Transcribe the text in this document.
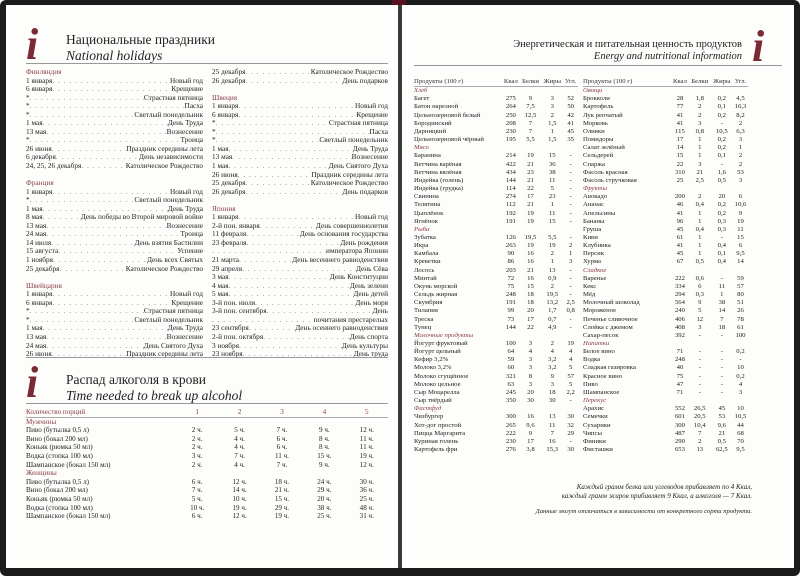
i Национальные праздники
National holidays
Финляндия
1 января . . .	Новый год
6 января . . .	Крещение
* . . .	Страстная пятница
* . . .	Пасха
* . . .	Светлый понедельник
1 мая . . .	День Труда
13 мая . . .	Вознесение
* . . .	Троица
26 июня . . .	Праздник середины лета
6 декабря . . .	День независимости
24, 25, 26 декабря . . .	Католическое Рождество
Франция
1 января . . .	Новый год
* . . .	Светлый понедельник
1 мая . . .	День Труда
8 мая . . .	День победы во Второй мировой войне
13 мая . . .	Вознесение
24 мая . . .	Троица
14 июля . . .	День взятия Бастилии
15 августа . . .	Успение
1 ноября . . .	День всех Святых
25 декабря . . .	Католическое Рождество
Швейцария
1 января . . .	Новый год
6 января . . .	Крещение
* . . .	Страстная пятница
* . . .	Светлый понедельник
1 мая . . .	День Труда
13 мая . . .	Вознесение
24 мая . . .	День Святого Духа
26 июня . . .	Праздник середины лета
25 декабря . . .	Католическое Рождество
26 декабря . . .	День подарков
Швеция
1 января . . .	Новый год
6 января . . .	Крещение
* . . .	Страстная пятница
* . . .	Пасха
* . . .	Светлый понедельник
1 мая . . .	День Труда
13 мая . . .	Вознесение
1 мая . . .	День Святого Духа
26 июня . . .	Праздник середины лета
25 декабря . . .	Католическое Рождество
26 декабря . . .	День подарков
Япония
1 января . . .	Новый год
2-й пон. января . . .	День совершеннолетия
11 февраля . . .	День основания государства
23 февраля . . .	День рождения
. . .
императора Японии
21 марта . . .	День весеннего равноденствия
29 апреля . . .	День Сёва
3 мая . . .	День Конституции
4 мая . . .	День зелени
5 мая . . .	День детей
3-й пон. июля . . .	День моря
3-й пон. сентября . . .	День
. . .
почитания престарелых
23 сентября . . .	День осеннего равноденствия
2-й пон. октября . . .	День спорта
3 ноября . . .	День культуры
23 ноября . . .	День труда
i Распад алкоголя в крови
Time needed to break up alcohol
Количество порций	1	2	3	4	5
Мужчины					
Пиво (бутылка 0,5 л)	2 ч.	5 ч.	7 ч.	9 ч.	12 ч.
Вино (бокал 200 мл)	2 ч.	4 ч.	6 ч.	8 ч.	11 ч.
Коньяк (рюмка 50 мл)	2 ч.	4 ч.	6 ч.	8 ч.	11 ч.
Водка (стопка 100 мл)	3 ч.	7 ч.	11 ч.	15 ч.	19 ч.
Шампанское (бокал 150 мл)	2 ч.	4 ч.	7 ч.	9 ч.	12 ч.
Женщины					
Пиво (бутылка 0,5 л)	6 ч.	12 ч.	18 ч.	24 ч.	30 ч.
Вино (бокал 200 мл)	7 ч.	14 ч.	21 ч.	29 ч.	36 ч.
Коньяк (рюмка 50 мл)	5 ч.	10 ч.	15 ч.	20 ч.	25 ч.
Водка (стопка 100 мл)	10 ч.	19 ч.	29 ч.	38 ч.	48 ч.
Шампанское (бокал 150 мл)	6 ч.	12 ч.	19 ч.	25 ч.	31 ч.
Энергетическая и питательная ценность продуктов
Energy and nutritional information i
Продукты (100 г)	Ккал	Белки	Жиры	Угл.
Хлеб				
Багет	275	9	3	52
Батон нарезной	264	7,5	3	50
Цельнозерновой белый	250	12,5	2	42
Бородинский	208	7	1,5	41
Дарницкий	230	7	1	45
Цельнозерновой чёрный	195	5,5	1,5	35
Мясо				
Баранина	214	19	15	-
Ветчина варёная	422	21	36	-
Ветчина вялёная	434	23	38	-
Индейка (голень)	144	21	11	-
Индейка (грудка)	114	22	5	-
Свинина	274	17	23	-
Телятина	112	21	1	-
Цыплёнок	192	19	11	-
Ягнёнок	191	19	15	-
Рыба				
Зубатка	126	19,5	5,5	-
Икра	263	19	19	2
Камбала	90	16	2	1
Креветки	86	16	1	3
Лосось	203	21	13	-
Минтай	72	16	0,9	-
Окунь морской	75	15	2	-
Сельдь жирная	248	18	19,5	-
Скумбрия	191	18	13,2	2,5
Тилапия	99	20	1,7	0,8
Треска	73	17	0,7	-
Тунец	144	22	4,9	-
Молочные продукты				
Йогурт фруктовый	100	3	2	19
Йогурт цельный	64	4	4	4
Кефир 3,2%	59	3	3,2	4
Молоко 3,2%	60	3	3,2	5
Молоко сгущённое	321	8	9	57
Молоко цельное	63	3	3	5
Сыр Моцарелла	245	20	18	2,2
Сыр твёрдый	350	30	30	-
Фастфуд				
Чизбургер	300	16	13	30
Хот-дог простой	265	9,6	11	32
Пицца Маргарита	222	9	7	29
Куриная голень	230	17	16	-
Картофель фри	276	3,8	15,3	30
Продукты (100 г)	Ккал	Белки	Жиры	Угл.
Овощи				
Брокколи	28	1,8	0,2	4,5
Картофель	77	2	0,1	16,3
Лук репчатый	41	2	0,2	8,2
Морковь	41	3	-	2
Оливки	115	0,8	10,5	6,3
Помидоры	17	1	0,2	3
Салат зелёный	14	1	0,2	1
Сельдерей	15	1	0,1	2
Спаржа	22	3	-	2
Фасоль красная	310	21	1,6	53
Фасоль стручковая	25	2,5	0,5	3
Фрукты				
Авокадо	200	2	20	6
Ананас	46	0,4	0,2	10,6
Апельсины	41	1	0,2	9
Бананы	96	1	0,3	19
Груша	45	0,4	0,3	11
Киви	61	1	-	15
Клубника	41	1	0,4	6
Персик	45	1	0,1	9,5
Хурма	67	0,5	0,4	14
Сладкое				
Варенье	222	0,6	-	59
Кекс	334	6	11	57
Мёд	294	0,3	1	80
Молочный шоколад	564	9	38	51
Мороженое	240	5	14	26
Печенье сливочное	406	12	7	78
Слойка с джемом	408	3	18	61
Сахар-песок	392	-	-	100
Напитки				
Белое вино	71	-	-	0,2
Водка	248	-	-	-
Сладкая газировка	40	-	-	10
Красное вино	75	-	-	0,2
Пиво	47	-	-	4
Шампанское	71	-	-	3
Перекус				
Арахис	552	26,5	45	10
Семечки	601	20,5	53	10,5
Сухарики	300	10,4	9,6	44
Чипсы	487	7	21	68
Финики	290	2	0,5	70
Фисташки	653	13	62,5	9,5
Каждый грамм белка или углеводов прибавляет по 4 Ккал,
каждый грамм жиров прибавляет 9 Ккал, а алкоголя — 7 Ккал.
Данные могут отличаться в зависимости от конкретного сорта продукта.
